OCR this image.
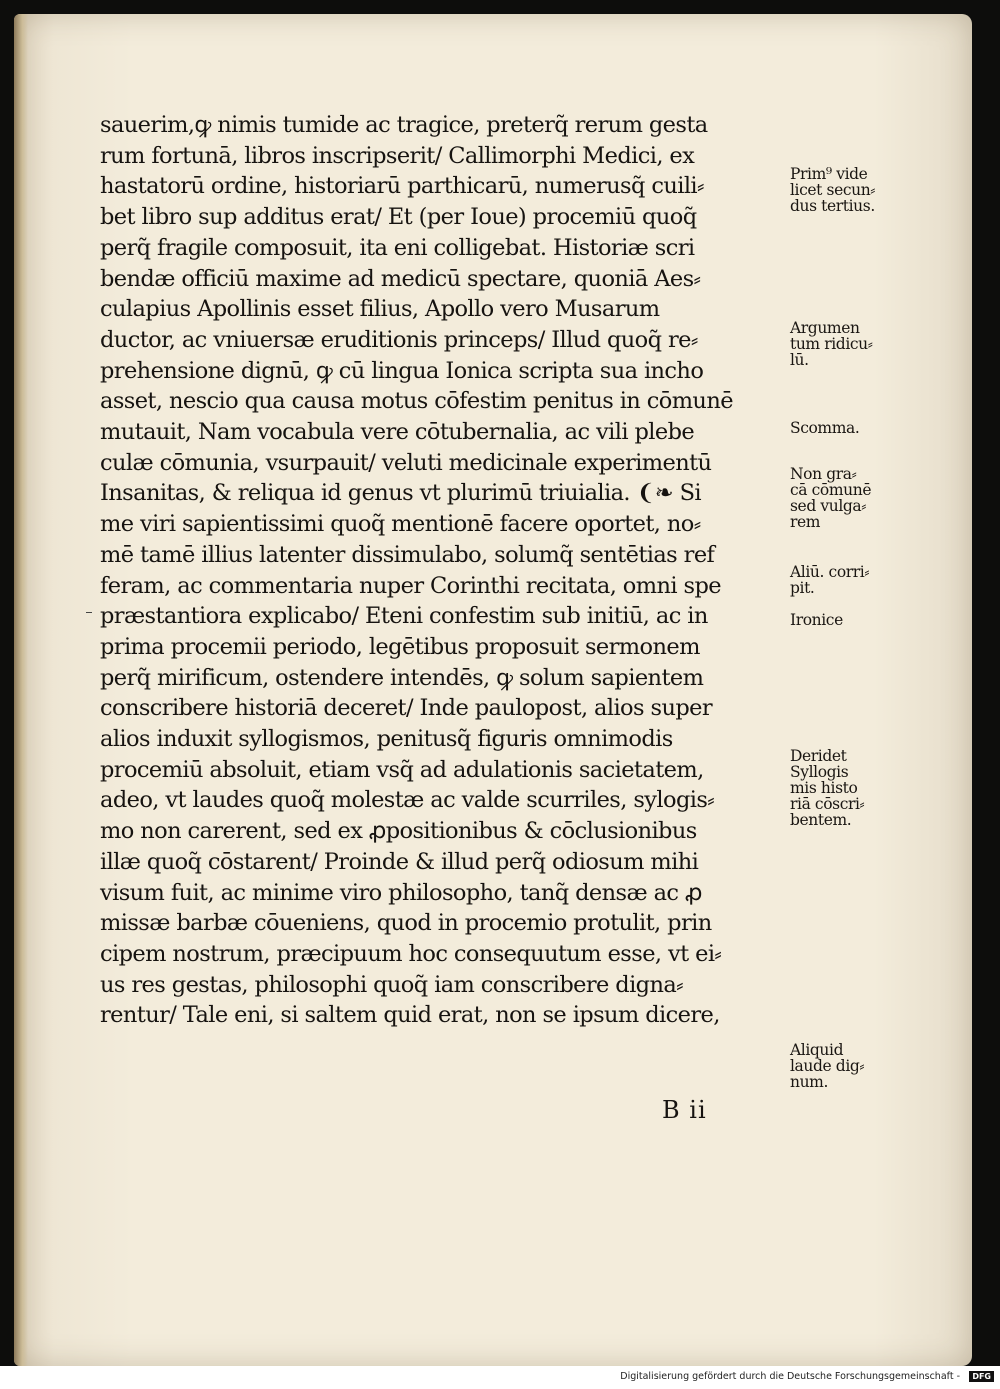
sauerim,ꝙ nimis tumide ac tragice, preterq̃ rerum gesta
rum fortunā, libros inscripserit/ Callimorphi Medici, ex
hastatorū ordine, historiarū parthicarū, numerusq̃ cuili⸗
bet libro sup additus erat/ Et (per Ioue) procemiū quoq̃
perq̃ fragile composuit, ita eni colligebat. Historiæ scri
bendæ officiū maxime ad medicū spectare, quoniā Aes⸗
culapius Apollinis esset filius, Apollo vero Musarum
ductor, ac vniuersæ eruditionis princeps/ Illud quoq̃ re⸗
prehensione dignū, ꝙ cū lingua Ionica scripta sua incho
asset, nescio qua causa motus cōfestim penitus in cōmunē
mutauit, Nam vocabula vere cōtubernalia, ac vili plebe
culæ cōmunia, vsurpauit/ veluti medicinale experimentū
Insanitas, & reliqua id genus vt plurimū triuialia. ❨❧ Si
me viri sapientissimi quoq̃ mentionē facere oportet, no⸗
mē tamē illius latenter dissimulabo, solumq̃ sentētias ref
feram, ac commentaria nuper Corinthi recitata, omni spe
præstantiora explicabo/ Eteni confestim sub initiū, ac in
prima procemii periodo, legētibus proposuit sermonem
perq̃ mirificum, ostendere intendēs, ꝙ solum sapientem
conscribere historiā deceret/ Inde paulopost, alios super
alios induxit syllogismos, penitusq̃ figuris omnimodis
procemiū absoluit, etiam vsq̃ ad adulationis sacietatem,
adeo, vt laudes quoq̃ molestæ ac valde scurriles, sylogis⸗
mo non carerent, sed ex ꝓpositionibus & cōclusionibus
illæ quoq̃ cōstarent/ Proinde & illud perq̃ odiosum mihi
visum fuit, ac minime viro philosopho, tanq̃ densæ ac ꝓ
missæ barbæ cōueniens, quod in procemio protulit, prin
cipem nostrum, præcipuum hoc consequutum esse, vt ei⸗
us res gestas, philosophi quoq̃ iam conscribere digna⸗
rentur/ Tale eni, si saltem quid erat, non se ipsum dicere,
Prim⁹ vide
licet secun⸗
dus tertius.
Argumen
tum ridicu⸗
lū.
Scomma.
Non gra⸗
cā cōmunē
sed vulga⸗
rem
Aliū. corri⸗
pit.
Ironice
Deridet
Syllogis
mis histo
riā cōscri⸗
bentem.
Aliquid
laude dig⸗
num.
B ii
Digitalisierung gefördert durch die Deutsche Forschungsgemeinschaft -	DFG
